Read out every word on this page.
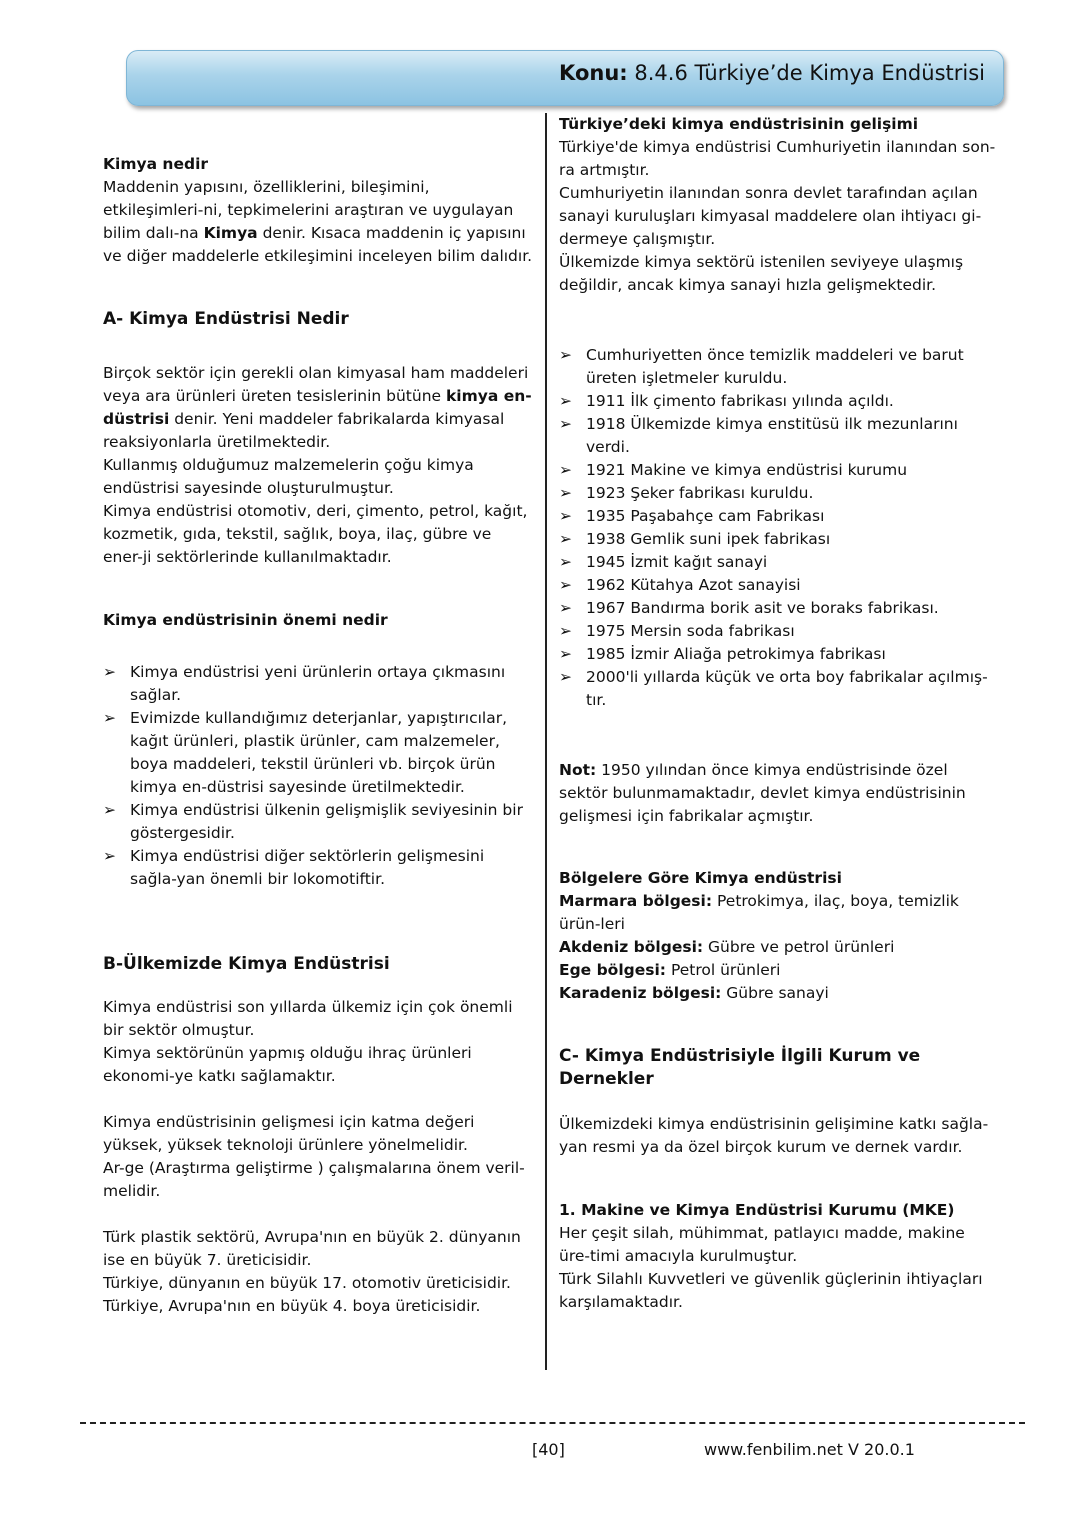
Konu: 8.4.6 Türkiye’de Kimya Endüstrisi

Kimya nedir

Maddenin yapısını, özelliklerini, bileşimini, etkileşimleri-ni, tepkimelerini araştıran ve uygulayan bilim dalı-na Kimya denir. Kısaca maddenin iç yapısını ve diğer maddelerle etkileşimini inceleyen bilim dalıdır.

A- Kimya Endüstrisi Nedir

Birçok sektör için gerekli olan kimyasal ham maddeleri veya ara ürünleri üreten tesislerinin bütüne kimya en-düstrisi denir. Yeni maddeler fabrikalarda kimyasal reaksiyonlarla üretilmektedir.

Kullanmış olduğumuz malzemelerin çoğu kimya endüstrisi sayesinde oluşturulmuştur.

Kimya endüstrisi otomotiv, deri, çimento, petrol, kağıt, kozmetik, gıda, tekstil, sağlık, boya, ilaç, gübre ve ener-ji sektörlerinde kullanılmaktadır.

Kimya endüstrisinin önemi nedir

➢ Kimya endüstrisi yeni ürünlerin ortaya çıkmasını sağlar.
➢ Evimizde kullandığımız deterjanlar, yapıştırıcılar, kağıt ürünleri, plastik ürünler, cam malzemeler, boya maddeleri, tekstil ürünleri vb. birçok ürün kimya en-düstrisi sayesinde üretilmektedir.
➢ Kimya endüstrisi ülkenin gelişmişlik seviyesinin bir göstergesidir.
➢ Kimya endüstrisi diğer sektörlerin gelişmesini sağla-yan önemli bir lokomotiftir.

B-Ülkemizde Kimya Endüstrisi

Kimya endüstrisi son yıllarda ülkemiz için çok önemli bir sektör olmuştur.

Kimya sektörünün yapmış olduğu ihraç ürünleri ekonomi-ye katkı sağlamaktır.

Kimya endüstrisinin gelişmesi için katma değeri yüksek, yüksek teknoloji ürünlere yönelmelidir.

Ar-ge (Araştırma geliştirme ) çalışmalarına önem veril-melidir.

Türk plastik sektörü, Avrupa'nın en büyük 2. dünyanın ise en büyük 7. üreticisidir.

Türkiye, dünyanın en büyük 17. otomotiv üreticisidir.

Türkiye, Avrupa'nın en büyük 4. boya üreticisidir.

Türkiye’deki kimya endüstrisinin gelişimi

Türkiye'de kimya endüstrisi Cumhuriyetin ilanından son-ra artmıştır.

Cumhuriyetin ilanından sonra devlet tarafından açılan sanayi kuruluşları kimyasal maddelere olan ihtiyacı gi-dermeye çalışmıştır.

Ülkemizde kimya sektörü istenilen seviyeye ulaşmış değildir, ancak kimya sanayi hızla gelişmektedir.

➢ Cumhuriyetten önce temizlik maddeleri ve barut üreten işletmeler kuruldu.
➢ 1911 İlk çimento fabrikası yılında açıldı.
➢ 1918 Ülkemizde kimya enstitüsü ilk mezunlarını verdi.
➢ 1921 Makine ve kimya endüstrisi kurumu
➢ 1923 Şeker fabrikası kuruldu.
➢ 1935 Paşabahçe cam Fabrikası
➢ 1938 Gemlik suni ipek fabrikası
➢ 1945 İzmit kağıt sanayi
➢ 1962 Kütahya Azot sanayisi
➢ 1967 Bandırma borik asit ve boraks fabrikası.
➢ 1975 Mersin soda fabrikası
➢ 1985 İzmir Aliağa petrokimya fabrikası
➢ 2000'li yıllarda küçük ve orta boy fabrikalar açılmış-tır.

Not: 1950 yılından önce kimya endüstrisinde özel sektör bulunmamaktadır, devlet kimya endüstrisinin gelişmesi için fabrikalar açmıştır.

Bölgelere Göre Kimya endüstrisi

Marmara bölgesi: Petrokimya, ilaç, boya, temizlik ürün-leri

Akdeniz bölgesi: Gübre ve petrol ürünleri

Ege bölgesi: Petrol ürünleri

Karadeniz bölgesi: Gübre sanayi

C- Kimya Endüstrisiyle İlgili Kurum ve Dernekler

Ülkemizdeki kimya endüstrisinin gelişimine katkı sağla-yan resmi ya da özel birçok kurum ve dernek vardır.

1. Makine ve Kimya Endüstrisi Kurumu (MKE)

Her çeşit silah, mühimmat, patlayıcı madde, makine üre-timi amacıyla kurulmuştur.

Türk Silahlı Kuvvetleri ve güvenlik güçlerinin ihtiyaçları karşılamaktadır.

[40]	www.fenbilim.net V 20.0.1
